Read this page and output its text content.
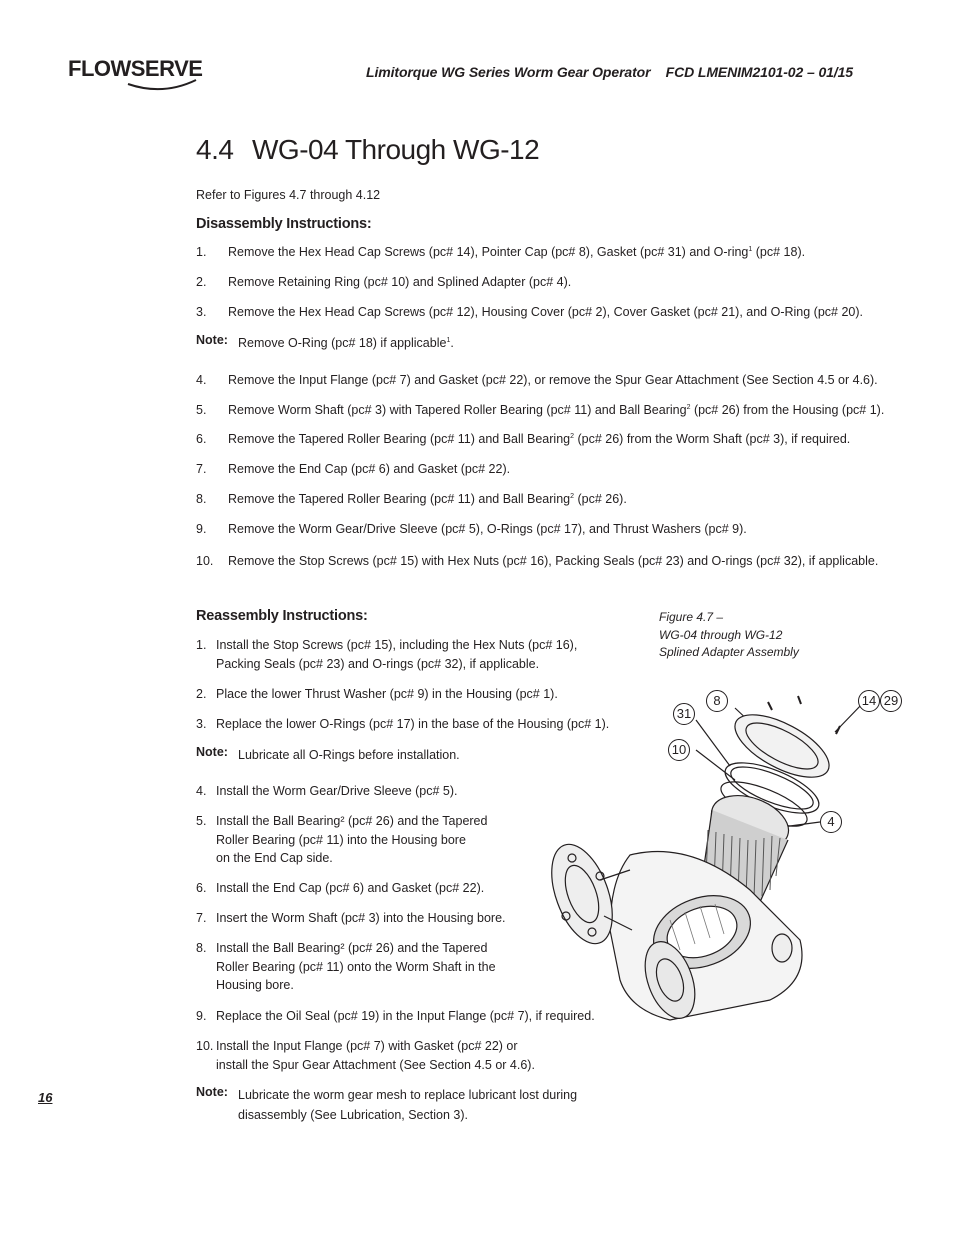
FLOWSERVE	Limitorque WG Series Worm Gear Operator    FCD LMENIM2101-02 – 01/15
4.4 WG-04 Through WG-12
Refer to Figures 4.7 through 4.12
Disassembly Instructions:
1. Remove the Hex Head Cap Screws (pc# 14), Pointer Cap (pc# 8), Gasket (pc# 31) and O-ring$^1$ (pc# 18).
2. Remove Retaining Ring (pc# 10) and Splined Adapter (pc# 4).
3. Remove the Hex Head Cap Screws (pc# 12), Housing Cover (pc# 2), Cover Gasket (pc# 21), and O-Ring (pc# 20).
4. Remove the Input Flange (pc# 7) and Gasket (pc# 22), or remove the Spur Gear Attachment (See Section 4.5 or 4.6).
5. Remove Worm Shaft (pc# 3) with Tapered Roller Bearing (pc# 11) and Ball Bearing$^2$ (pc# 26) from the Housing (pc# 1).
6. Remove the Tapered Roller Bearing (pc# 11) and Ball Bearing$^2$ (pc# 26) from the Worm Shaft (pc# 3), if required.
7. Remove the End Cap (pc# 6) and Gasket (pc# 22).
8. Remove the Tapered Roller Bearing (pc# 11) and Ball Bearing$^2$ (pc# 26).
9. Remove the Worm Gear/Drive Sleeve (pc# 5), O-Rings (pc# 17), and Thrust Washers (pc# 9).
10. Remove the Stop Screws (pc# 15) with Hex Nuts (pc# 16), Packing Seals (pc# 23) and O-rings (pc# 32), if applicable.
Note: Remove O-Ring (pc# 18) if applicable$^1$.
Reassembly Instructions:
1. Install the Stop Screws (pc# 15), including the Hex Nuts (pc# 16),
Packing Seals (pc# 23) and O-rings (pc# 32), if applicable.
2. Place the lower Thrust Washer (pc# 9) in the Housing (pc# 1).
3. Replace the lower O-Rings (pc# 17) in the base of the Housing (pc# 1).
4. Install the Worm Gear/Drive Sleeve (pc# 5).
5. Install the Ball Bearing² (pc# 26) and the Tapered
Roller Bearing (pc# 11) into the Housing bore
on the End Cap side.
6. Install the End Cap (pc# 6) and Gasket (pc# 22).
7. Insert the Worm Shaft (pc# 3) into the Housing bore.
8. Install the Ball Bearing² (pc# 26) and the Tapered
Roller Bearing (pc# 11) onto the Worm Shaft in the
Housing bore.
9. Replace the Oil Seal (pc# 19) in the Input Flange (pc# 7), if required.
10. Install the Input Flange (pc# 7) with Gasket (pc# 22) or
install the Spur Gear Attachment (See Section 4.5 or 4.6).
Note: Lubricate all O-Rings before installation.
Note: Lubricate the worm gear mesh to replace lubricant lost during
disassembly (See Lubrication, Section 3).
Figure 4.7 –
WG-04 through WG-12
Splined Adapter Assembly
8	14 29
31
10
4
16
